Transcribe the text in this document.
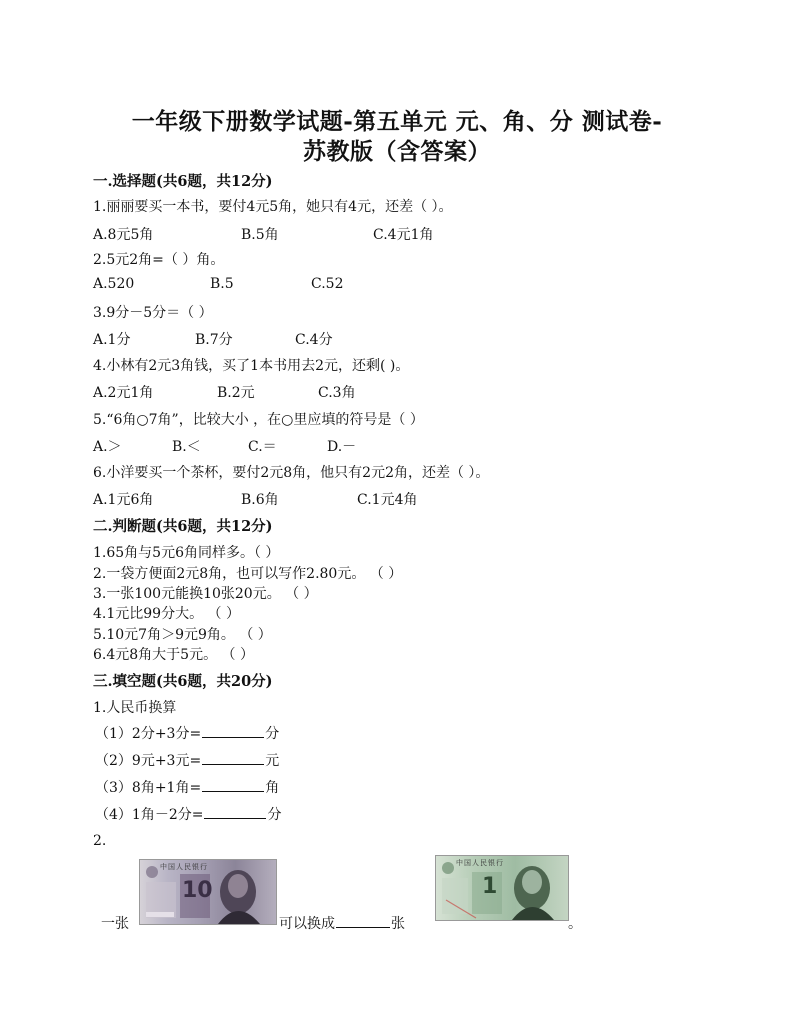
一年级下册数学试题-第五单元 元、角、分 测试卷-
苏教版（含答案）
一.选择题(共6题，共12分)
1.丽丽要买一本书，要付4元5角，她只有4元，还差（ ）。
A.8元5角	B.5角	C.4元1角
2.5元2角=（ ）角。
A.520	B.5	C.52
3.9分－5分＝（ ）
A.1分	B.7分	C.4分
4.小林有2元3角钱，买了1本书用去2元，还剩( )。
A.2元1角	B.2元	C.3角
5.“6角○7角”，比较大小 ，在○里应填的符号是（ ）
A.＞	B.＜	C.＝	D.－
6.小洋要买一个茶杯，要付2元8角，他只有2元2角，还差（ ）。
A.1元6角	B.6角	C.1元4角
二.判断题(共6题，共12分)
1.65角与5元6角同样多。（ ）
2.一袋方便面2元8角，也可以写作2.80元。 （ ）
3.一张100元能换10张20元。 （ ）
4.1元比99分大。 （ ）
5.10元7角＞9元9角。 （ ）
6.4元8角大于5元。 （ ）
三.填空题(共6题，共20分)
1.人民币换算
（1）2分+3分=	分
（2）9元+3元=	元
（3）8角+1角=	角
（4）1角－2分=	分
2.
一张
10
中国人民银行
可以换成	张
1
中国人民银行
。
